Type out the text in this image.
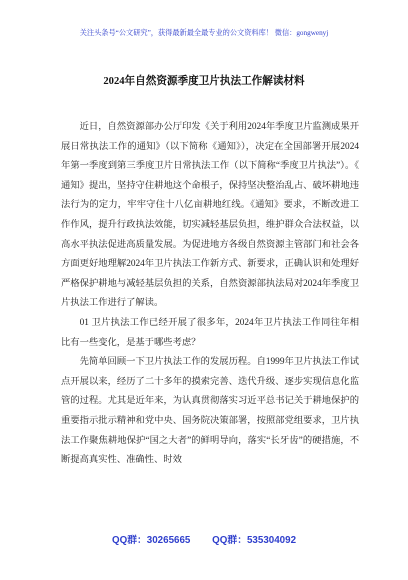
关注头条号“公文研究”，获得最新最全最专业的公文资料库！ 微信：gongwenyj
2024年自然资源季度卫片执法工作解读材料

近日，自然资源部办公厅印发《关于利用2024年季度卫片监测成果开展日常执法工作的通知》（以下简称《通知》），决定在全国部署开展2024年第一季度到第三季度卫片日常执法工作（以下简称“季度卫片执法”）。《通知》提出，坚持守住耕地这个命根子，保持坚决整治乱占、破坏耕地违法行为的定力，牢牢守住十八亿亩耕地红线。《通知》要求，不断改进工作作风，提升行政执法效能，切实减轻基层负担，维护群众合法权益，以高水平执法促进高质量发展。为促进地方各级自然资源主管部门和社会各方面更好地理解2024年卫片执法工作新方式、新要求，正确认识和处理好严格保护耕地与减轻基层负担的关系，自然资源部执法局对2024年季度卫片执法工作进行了解读。

01 卫片执法工作已经开展了很多年，2024年卫片执法工作同往年相比有一些变化，是基于哪些考虑？

先简单回顾一下卫片执法工作的发展历程。自1999年卫片执法工作试点开展以来，经历了二十多年的摸索完善、迭代升级、逐步实现信息化监管的过程。尤其是近年来，为认真贯彻落实习近平总书记关于耕地保护的重要指示批示精神和党中央、国务院决策部署，按照部党组要求，卫片执法工作聚焦耕地保护“国之大者”的鲜明导向，落实“长牙齿”的硬措施，不断提高真实性、准确性、时效

QQ群：30265665        QQ群：535304092
